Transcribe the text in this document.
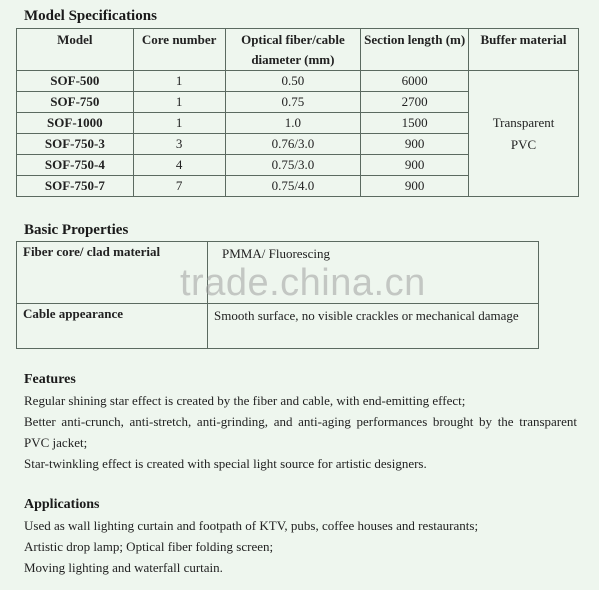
Model Specifications
Model	Core number	Optical fiber/cable diameter (mm)	Section length (m)	Buffer material
SOF-500	1	0.50	6000	Transparent PVC
SOF-750	1	0.75	2700	
SOF-1000	1	1.0	1500	
SOF-750-3	3	0.76/3.0	900	
SOF-750-4	4	0.75/3.0	900	
SOF-750-7	7	0.75/4.0	900	
Basic Properties
Fiber core/ clad material	PMMA/ Fluorescing
Cable appearance	Smooth surface, no visible crackles or mechanical damage
trade.china.cn
Features
Regular shining star effect is created by the fiber and cable, with end-emitting effect;
Better anti-crunch, anti-stretch, anti-grinding, and anti-aging performances brought by the transparent PVC jacket;
Star-twinkling effect is created with special light source for artistic designers.
Applications
Used as wall lighting curtain and footpath of KTV, pubs, coffee houses and restaurants;
Artistic drop lamp; Optical fiber folding screen;
Moving lighting and waterfall curtain.
